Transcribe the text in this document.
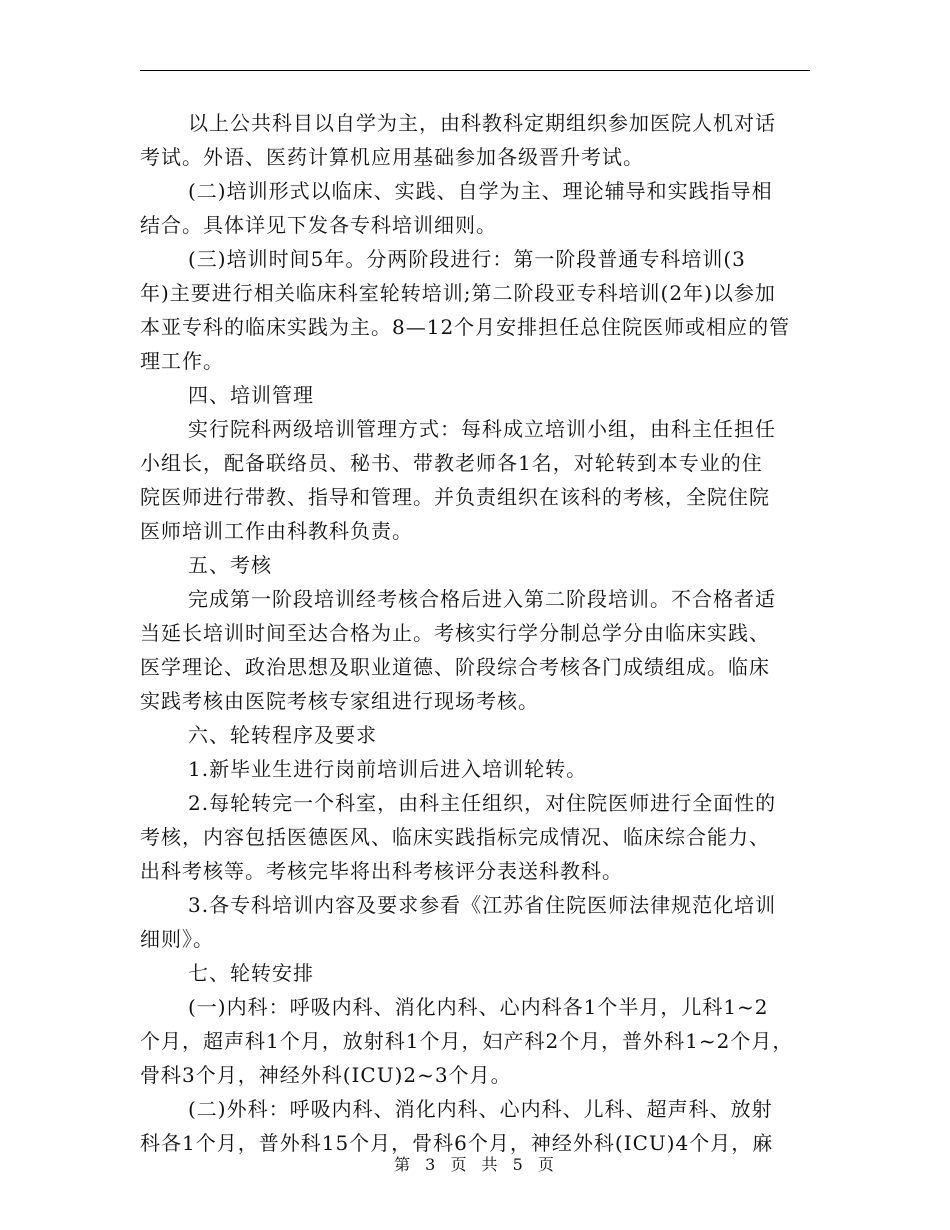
以上公共科目以自学为主，由科教科定期组织参加医院人机对话
考试。外语、医药计算机应用基础参加各级晋升考试。
(二)培训形式以临床、实践、自学为主、理论辅导和实践指导相
结合。具体详见下发各专科培训细则。
(三)培训时间5年。分两阶段进行：第一阶段普通专科培训(3
年)主要进行相关临床科室轮转培训;第二阶段亚专科培训(2年)以参加
本亚专科的临床实践为主。8—12个月安排担任总住院医师或相应的管
理工作。
四、培训管理
实行院科两级培训管理方式：每科成立培训小组，由科主任担任
小组长，配备联络员、秘书、带教老师各1名，对轮转到本专业的住
院医师进行带教、指导和管理。并负责组织在该科的考核，全院住院
医师培训工作由科教科负责。
五、考核
完成第一阶段培训经考核合格后进入第二阶段培训。不合格者适
当延长培训时间至达合格为止。考核实行学分制总学分由临床实践、
医学理论、政治思想及职业道德、阶段综合考核各门成绩组成。临床
实践考核由医院考核专家组进行现场考核。
六、轮转程序及要求
1.新毕业生进行岗前培训后进入培训轮转。
2.每轮转完一个科室，由科主任组织，对住院医师进行全面性的
考核，内容包括医德医风、临床实践指标完成情况、临床综合能力、
出科考核等。考核完毕将出科考核评分表送科教科。
3.各专科培训内容及要求参看《江苏省住院医师法律规范化培训
细则》。
七、轮转安排
(一)内科：呼吸内科、消化内科、心内科各1个半月，儿科1~2
个月，超声科1个月，放射科1个月，妇产科2个月，普外科1~2个月，
骨科3个月，神经外科(ICU)2~3个月。
(二)外科：呼吸内科、消化内科、心内科、儿科、超声科、放射
科各1个月，普外科15个月，骨科6个月，神经外科(ICU)4个月，麻
第 3 页 共 5 页
